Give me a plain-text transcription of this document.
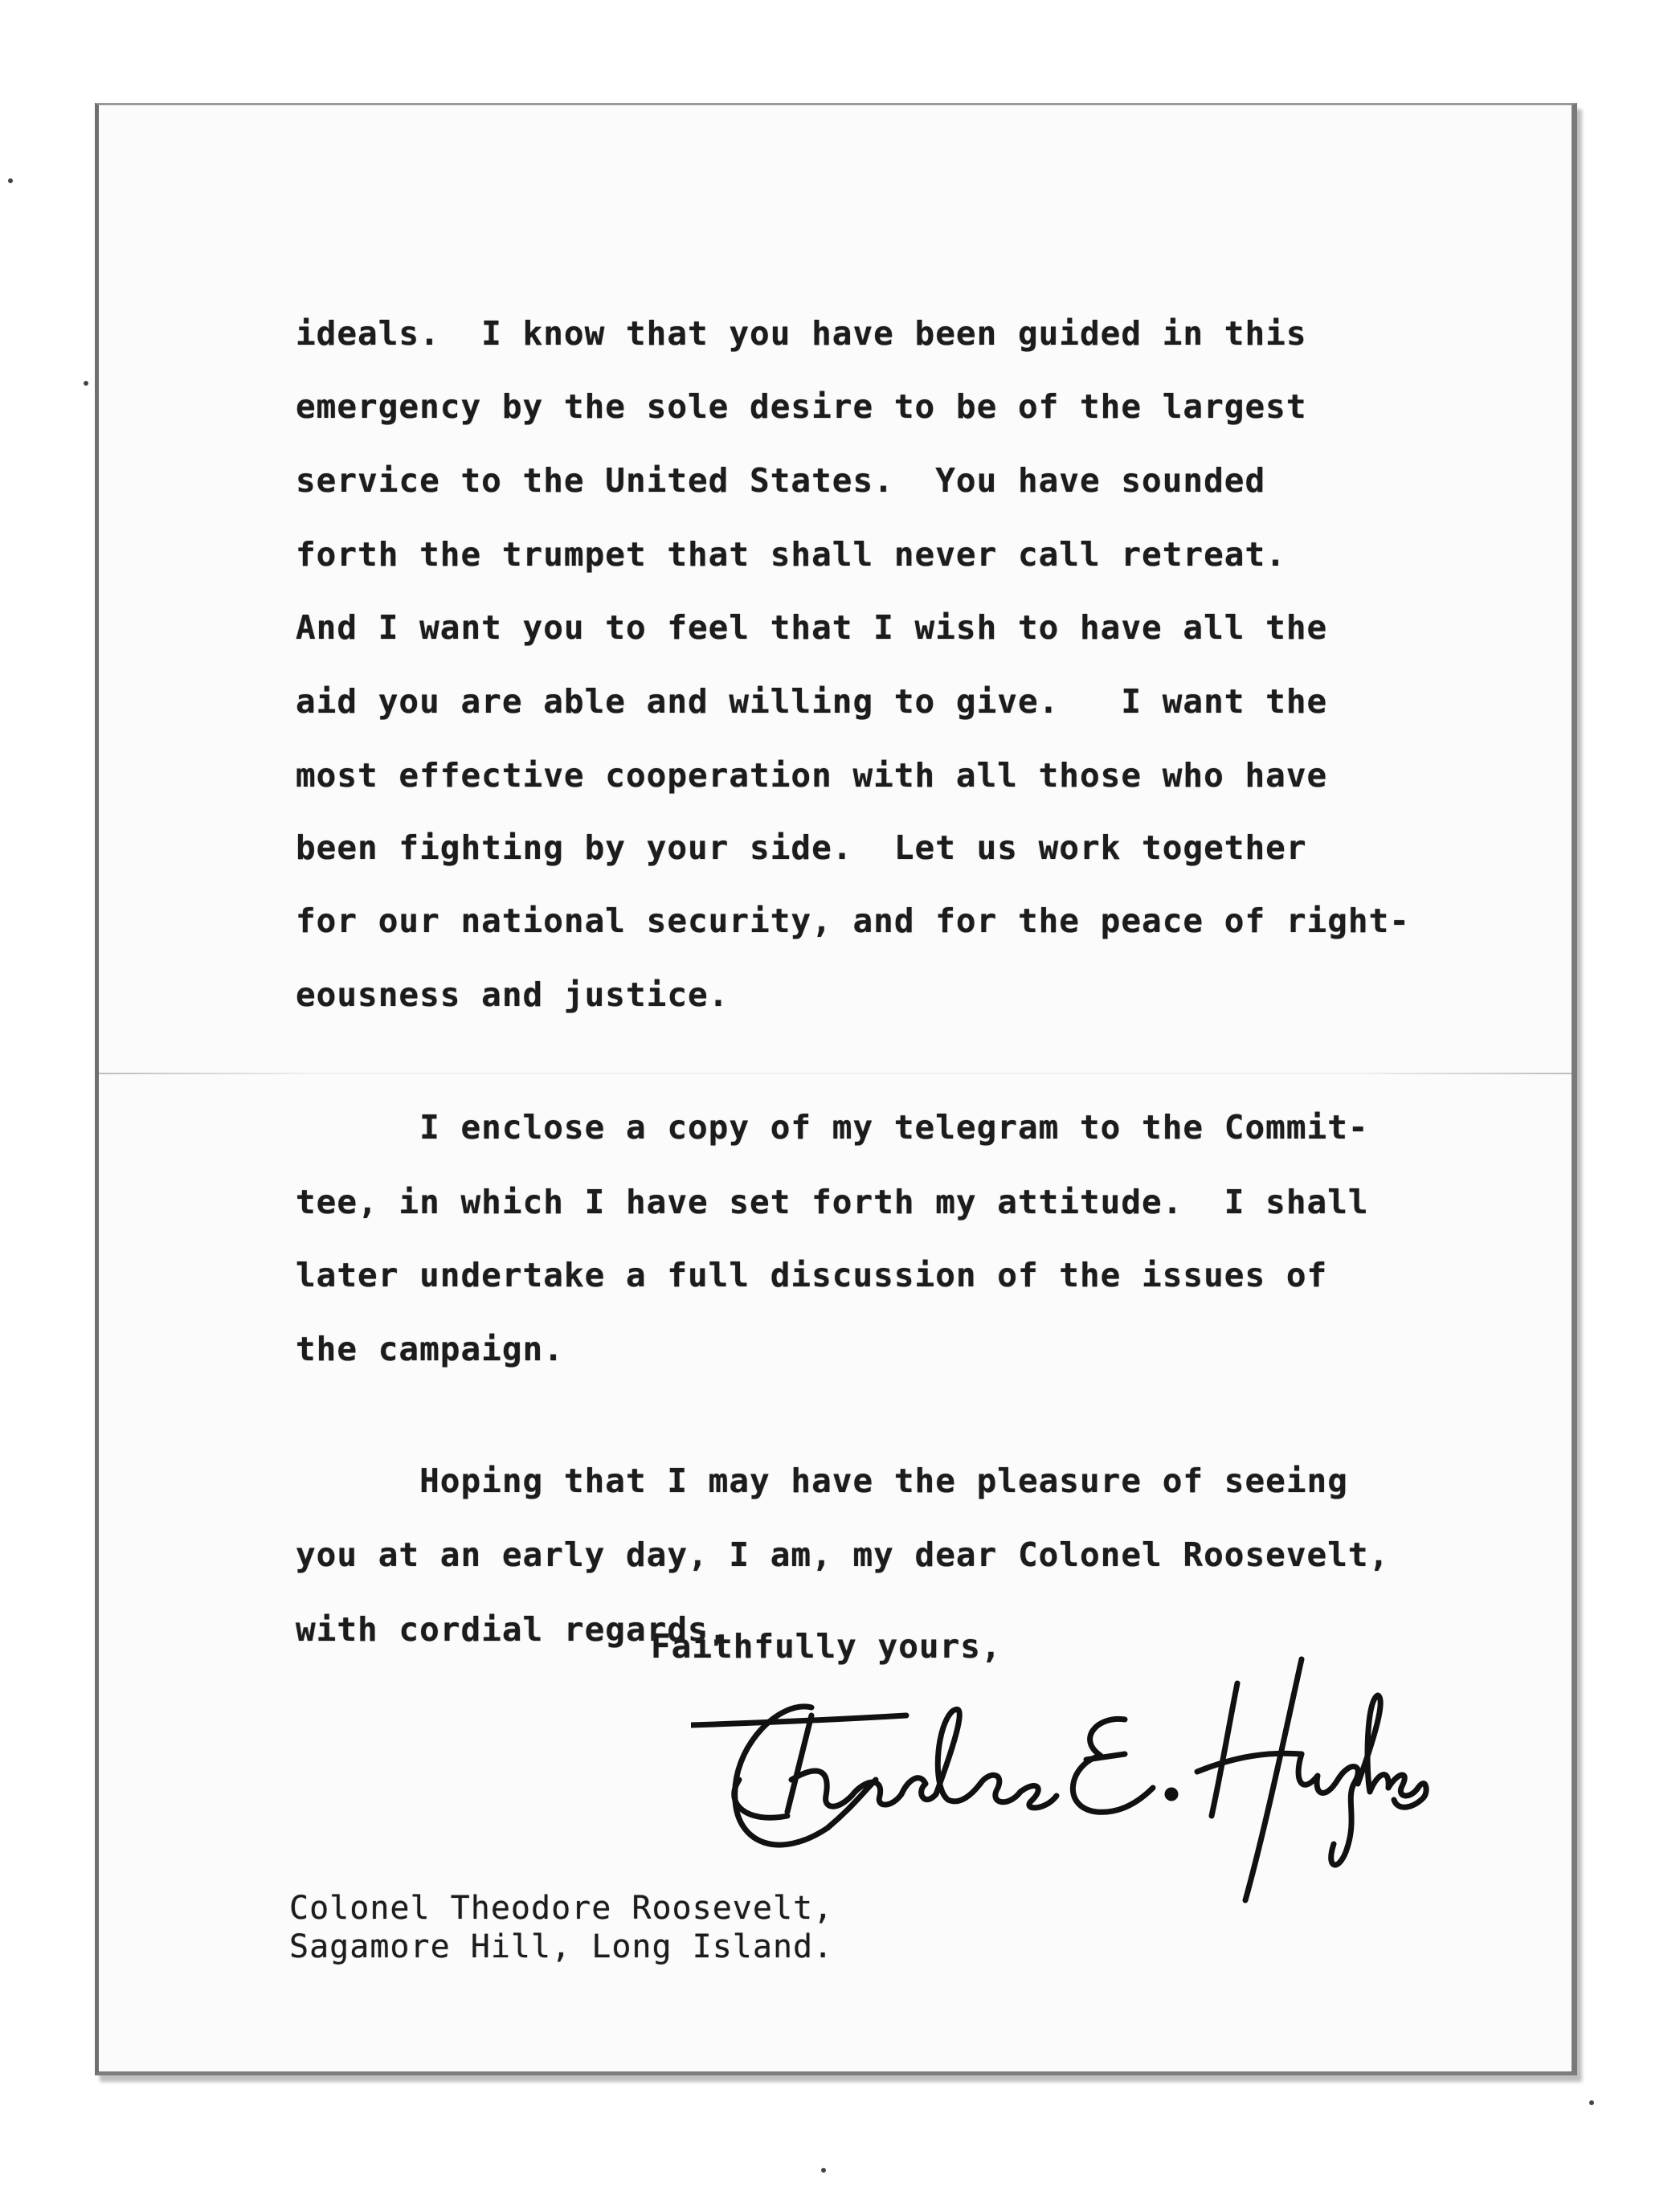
ideals.  I know that you have been guided in this
emergency by the sole desire to be of the largest
service to the United States.  You have sounded
forth the trumpet that shall never call retreat.
And I want you to feel that I wish to have all the
aid you are able and willing to give.   I want the
most effective cooperation with all those who have
been fighting by your side.  Let us work together
for our national security, and for the peace of right-
eousness and justice.
I enclose a copy of my telegram to the Commit-
tee, in which I have set forth my attitude.  I shall
later undertake a full discussion of the issues of
the campaign.
Hoping that I may have the pleasure of seeing
you at an early day, I am, my dear Colonel Roosevelt,
with cordial regards,
Faithfully yours,
Colonel Theodore Roosevelt,
Sagamore Hill, Long Island.
